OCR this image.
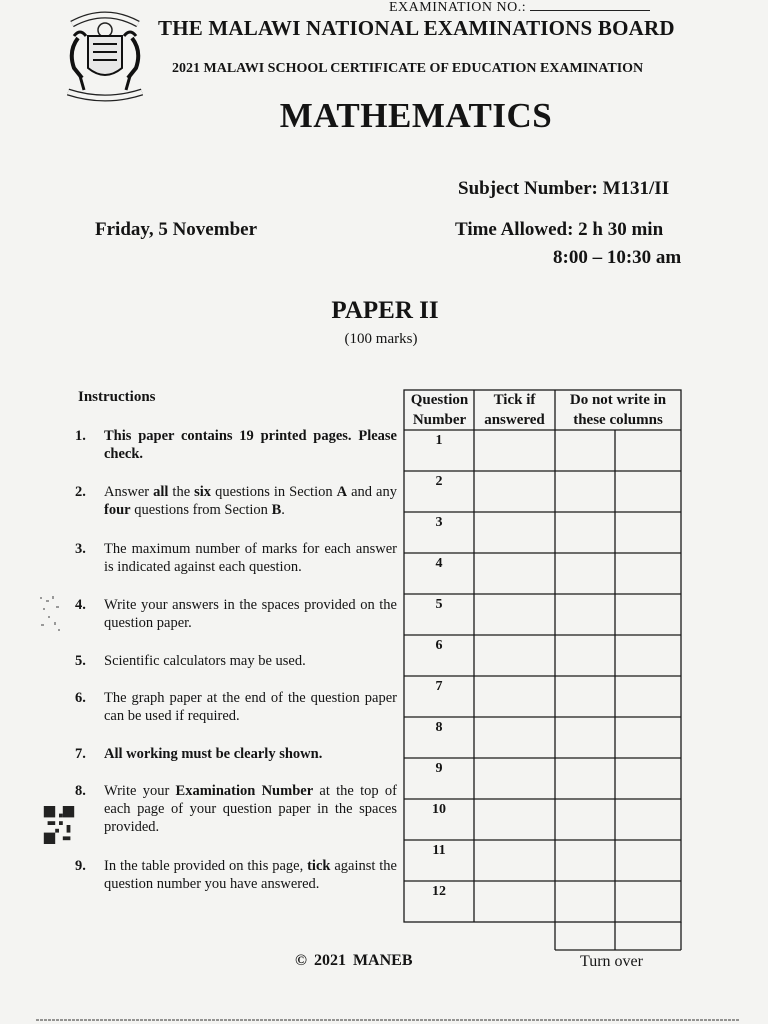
EXAMINATION NO.:
THE MALAWI NATIONAL EXAMINATIONS BOARD
2021 MALAWI SCHOOL CERTIFICATE OF EDUCATION EXAMINATION
MATHEMATICS
Subject Number: M131/II
Friday, 5 November	Time Allowed: 2 h 30 min
8:00 – 10:30 am
PAPER II
(100 marks)
Instructions
1. This paper contains 19 printed pages. Please check.
2. Answer all the six questions in Section A and any four questions from Section B.
3. The maximum number of marks for each answer is indicated against each question.
4. Write your answers in the spaces provided on the question paper.
5. Scientific calculators may be used.
6. The graph paper at the end of the question paper can be used if required.
7. All working must be clearly shown.
8. Write your Examination Number at the top of each page of your question paper in the spaces provided.
9. In the table provided on this page, tick against the question number you have answered.
Question
Number
Tick if
answered
Do not write in
these columns
1
2
3
4
5
6
7
8
9
10
11
12
© 2021 MANEB	Turn over
